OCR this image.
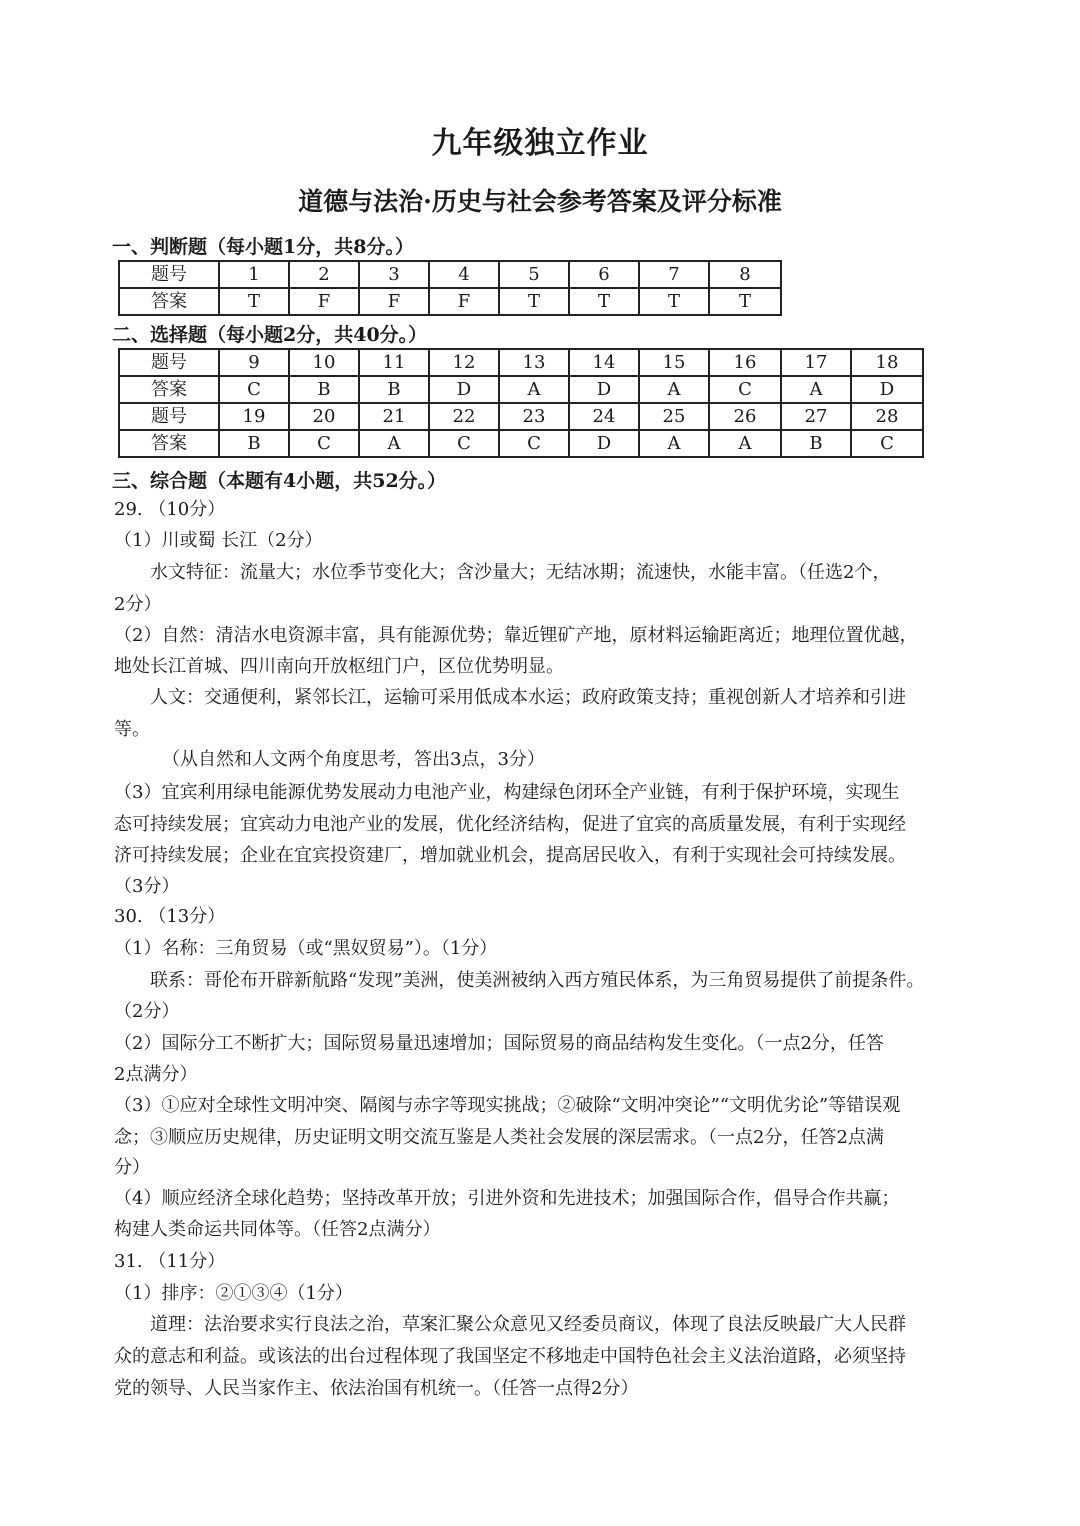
九年级独立作业
道德与法治·历史与社会参考答案及评分标准
一、判断题（每小题1分，共8分。）
题号	1	2	3	4	5	6	7	8
答案	T	F	F	F	T	T	T	T
二、选择题（每小题2分，共40分。）
题号	9	10	11	12	13	14	15	16	17	18
答案	C	B	B	D	A	D	A	C	A	D
题号	19	20	21	22	23	24	25	26	27	28
答案	B	C	A	C	C	D	A	A	B	C
三、综合题（本题有4小题，共52分。）
29. （10分）
（1）川或蜀 长江（2分）
水文特征：流量大；水位季节变化大；含沙量大；无结冰期；流速快，水能丰富。（任选2个，
2分）
（2）自然：清洁水电资源丰富，具有能源优势；靠近锂矿产地，原材料运输距离近；地理位置优越，
地处长江首城、四川南向开放枢纽门户，区位优势明显。
人文：交通便利，紧邻长江，运输可采用低成本水运；政府政策支持；重视创新人才培养和引进
等。
（从自然和人文两个角度思考，答出3点，3分）
（3）宜宾利用绿电能源优势发展动力电池产业，构建绿色闭环全产业链，有利于保护环境，实现生
态可持续发展；宜宾动力电池产业的发展，优化经济结构，促进了宜宾的高质量发展，有利于实现经
济可持续发展；企业在宜宾投资建厂，增加就业机会，提高居民收入，有利于实现社会可持续发展。
（3分）
30. （13分）
（1）名称：三角贸易（或“黑奴贸易”）。（1分）
联系：哥伦布开辟新航路“发现”美洲，使美洲被纳入西方殖民体系，为三角贸易提供了前提条件。
（2分）
（2）国际分工不断扩大；国际贸易量迅速增加；国际贸易的商品结构发生变化。（一点2分，任答
2点满分）
（3）①应对全球性文明冲突、隔阂与赤字等现实挑战；②破除“文明冲突论”“文明优劣论”等错误观
念；③顺应历史规律，历史证明文明交流互鉴是人类社会发展的深层需求。（一点2分，任答2点满
分）
（4）顺应经济全球化趋势；坚持改革开放；引进外资和先进技术；加强国际合作，倡导合作共赢；
构建人类命运共同体等。（任答2点满分）
31. （11分）
（1）排序：②①③④（1分）
道理：法治要求实行良法之治，草案汇聚公众意见又经委员商议，体现了良法反映最广大人民群
众的意志和利益。或该法的出台过程体现了我国坚定不移地走中国特色社会主义法治道路，必须坚持
党的领导、人民当家作主、依法治国有机统一。（任答一点得2分）
